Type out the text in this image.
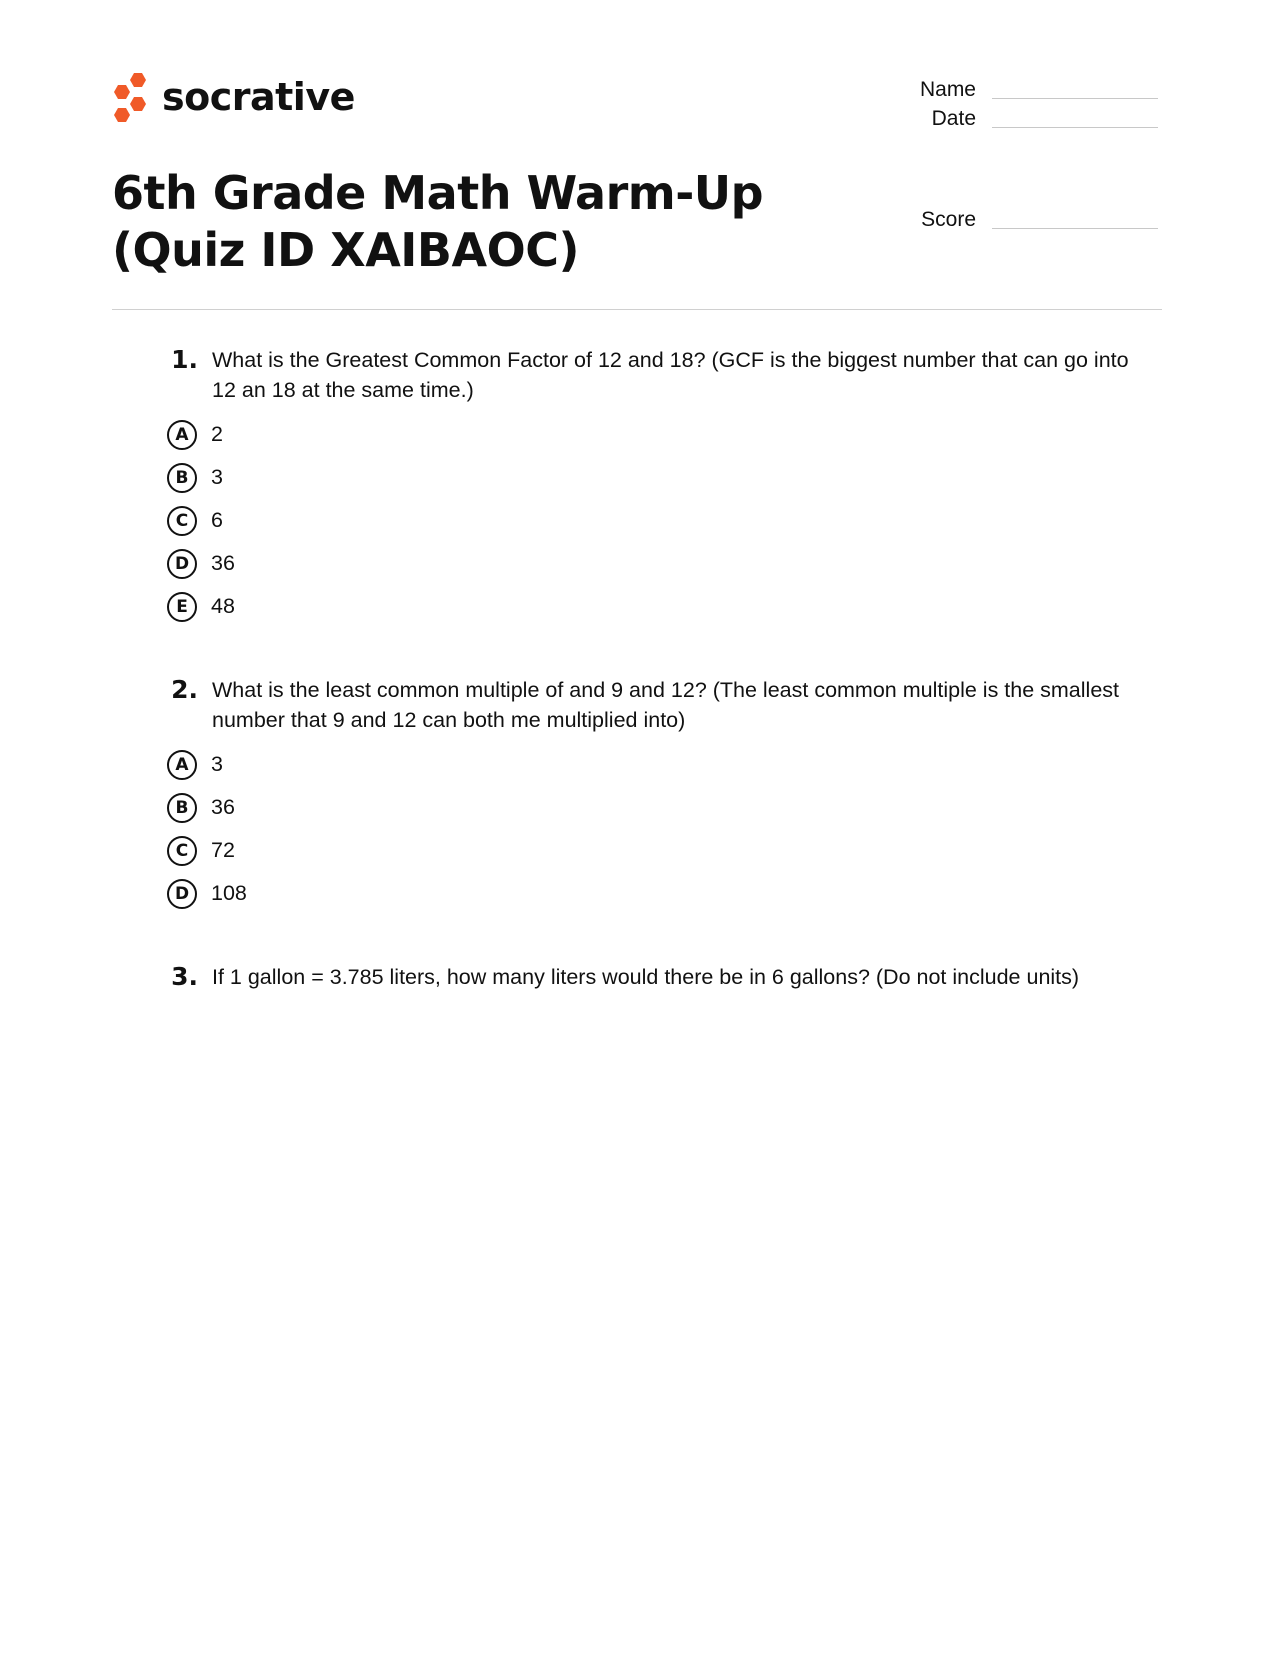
socrative
6th Grade Math Warm-Up (Quiz ID XAIBAOC)
Name
Date
Score
1. What is the Greatest Common Factor of 12 and 18? (GCF is the biggest number that can go into 12 an 18 at the same time.)
A	2
B	3
C	6
D	36
E	48
2. What is the least common multiple of and 9 and 12? (The least common multiple is the smallest number that 9 and 12 can both me multiplied into)
A	3
B	36
C	72
D	108
3. If 1 gallon = 3.785 liters, how many liters would there be in 6 gallons? (Do not include units)
